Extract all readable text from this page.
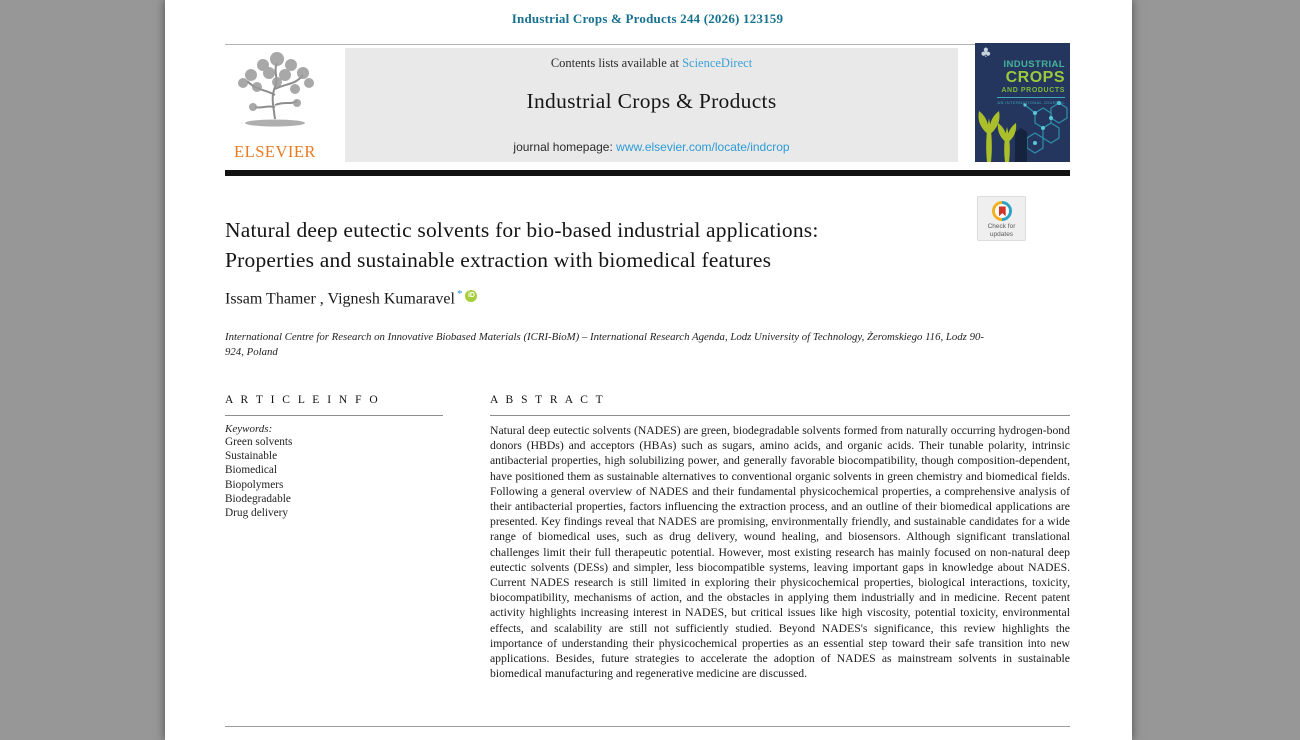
Industrial Crops & Products 244 (2026) 123159
ELSEVIER
Contents lists available at ScienceDirect
Industrial Crops & Products
journal homepage: www.elsevier.com/locate/indcrop
♣
INDUSTRIAL
CROPS
AND PRODUCTS
AN INTERNATIONAL JOURNAL
Natural deep eutectic solvents for bio-based industrial applications:
Properties and sustainable extraction with biomedical features
Check for
updates
Issam Thamer , Vignesh Kumaravel * iD
International Centre for Research on Innovative Biobased Materials (ICRI-BioM) – International Research Agenda, Lodz University of Technology, Żeromskiego 116, Lodz 90-924, Poland
A R T I C L E I N F O
Keywords:
Green solvents
Sustainable
Biomedical
Biopolymers
Biodegradable
Drug delivery
A B S T R A C T
Natural deep eutectic solvents (NADES) are green, biodegradable solvents formed from naturally occurring hydrogen-bond donors (HBDs) and acceptors (HBAs) such as sugars, amino acids, and organic acids. Their tunable polarity, intrinsic antibacterial properties, high solubilizing power, and generally favorable biocompatibility, though composition-dependent, have positioned them as sustainable alternatives to conventional organic solvents in green chemistry and biomedical fields. Following a general overview of NADES and their fundamental physicochemical properties, a comprehensive analysis of their antibacterial properties, factors influencing the extraction process, and an outline of their biomedical applications are presented. Key findings reveal that NADES are promising, environmentally friendly, and sustainable candidates for a wide range of biomedical uses, such as drug delivery, wound healing, and biosensors. Although significant translational challenges limit their full therapeutic potential. However, most existing research has mainly focused on non-natural deep eutectic solvents (DESs) and simpler, less biocompatible systems, leaving important gaps in knowledge about NADES. Current NADES research is still limited in exploring their physicochemical properties, biological interactions, toxicity, biocompatibility, mechanisms of action, and the obstacles in applying them industrially and in medicine. Recent patent activity highlights increasing interest in NADES, but critical issues like high viscosity, potential toxicity, environmental effects, and scalability are still not sufficiently studied. Beyond NADES's significance, this review highlights the importance of understanding their physicochemical properties as an essential step toward their safe transition into new applications. Besides, future strategies to accelerate the adoption of NADES as mainstream solvents in sustainable biomedical manufacturing and regenerative medicine are discussed.
